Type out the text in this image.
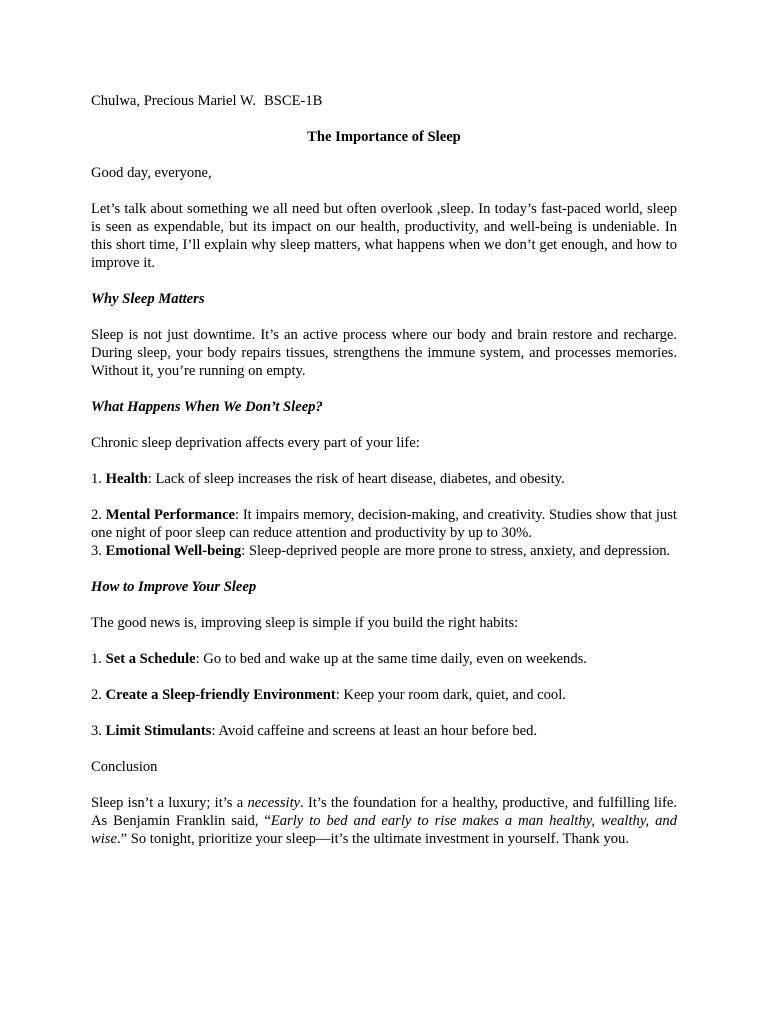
Chulwa, Precious Mariel W. BSCE-1B

The Importance of Sleep

Good day, everyone,

Let’s talk about something we all need but often overlook ,sleep. In today’s fast-paced world, sleep is seen as expendable, but its impact on our health, productivity, and well-being is undeniable. In this short time, I’ll explain why sleep matters, what happens when we don’t get enough, and how to improve it.

Why Sleep Matters

Sleep is not just downtime. It’s an active process where our body and brain restore and recharge. During sleep, your body repairs tissues, strengthens the immune system, and processes memories. Without it, you’re running on empty.

What Happens When We Don’t Sleep?

Chronic sleep deprivation affects every part of your life:

1. Health: Lack of sleep increases the risk of heart disease, diabetes, and obesity.

2. Mental Performance: It impairs memory, decision-making, and creativity. Studies show that just one night of poor sleep can reduce attention and productivity by up to 30%.

3. Emotional Well-being: Sleep-deprived people are more prone to stress, anxiety, and depression.

How to Improve Your Sleep

The good news is, improving sleep is simple if you build the right habits:

1. Set a Schedule: Go to bed and wake up at the same time daily, even on weekends.

2. Create a Sleep-friendly Environment: Keep your room dark, quiet, and cool.

3. Limit Stimulants: Avoid caffeine and screens at least an hour before bed.

Conclusion

Sleep isn’t a luxury; it’s a necessity. It’s the foundation for a healthy, productive, and fulfilling life. As Benjamin Franklin said, “Early to bed and early to rise makes a man healthy, wealthy, and wise.” So tonight, prioritize your sleep—it’s the ultimate investment in yourself. Thank you.
